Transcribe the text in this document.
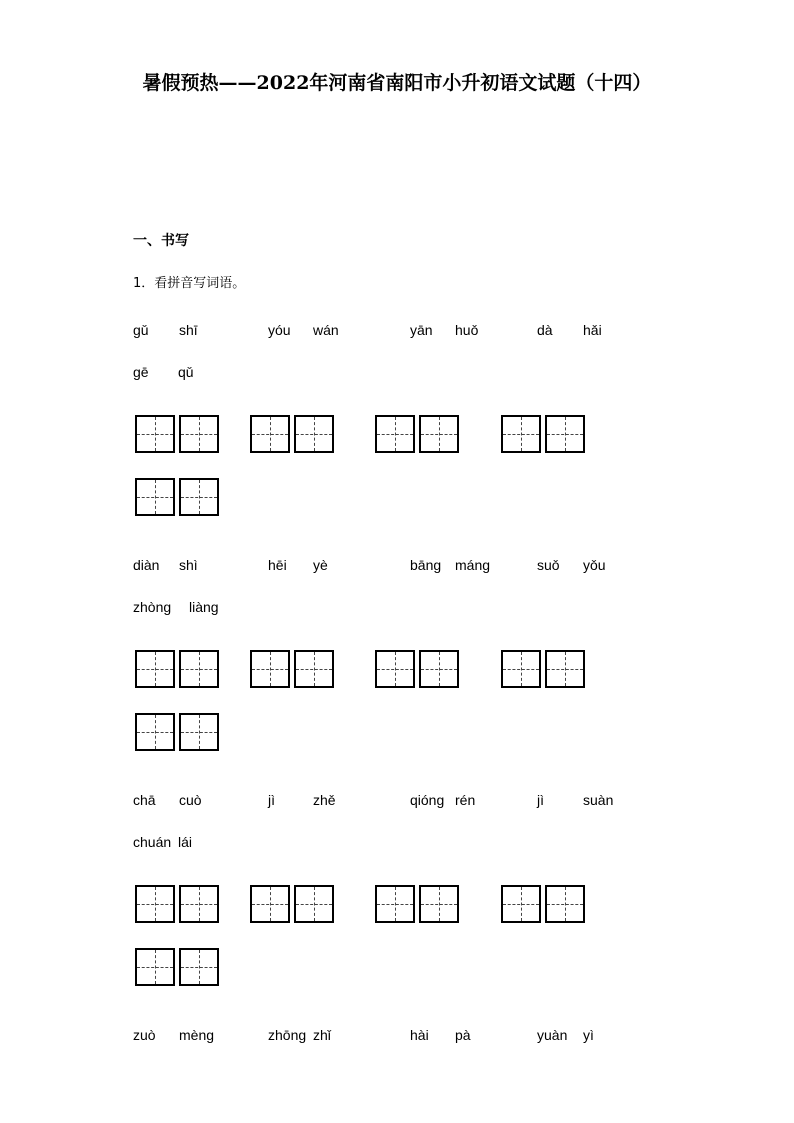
暑假预热——2022年河南省南阳市小升初语文试题（十四）
一、书写
1．看拼音写词语。
gǔ shī	yóu wán	yān huǒ	dà hǎi
gē qǔ
diàn shì	hēi yè	bāng máng	suǒ yǒu
zhòng liàng
chā cuò	jì	zhě	qióng rén	jì	suàn
chuán lái
zuò mèng	zhōng zhǐ	hài pà	yuàn yì
